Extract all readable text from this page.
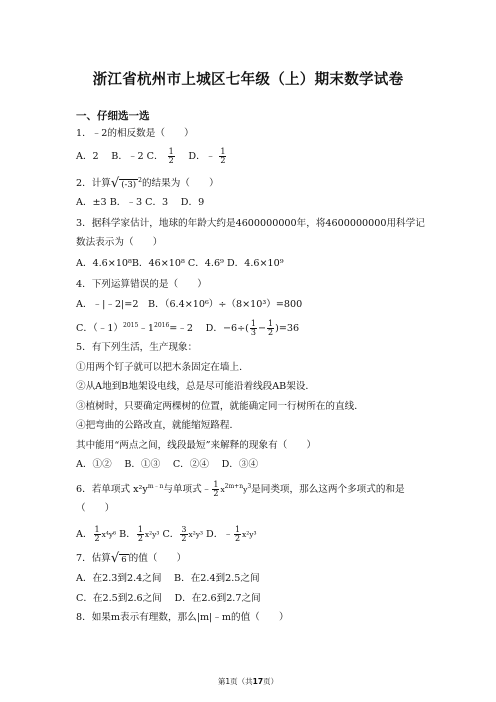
浙江省杭州市上城区七年级（上）期末数学试卷
一、仔细选一选
1．﹣2的相反数是（　　）
A．2　 B．﹣2 C． $\frac{1}{2}$ 　D．﹣ $\frac{1}{2}$
2．计算 √ (-3) $^2$的结果为（　　）
A．±3 B．﹣3 C．3　 D．9
3．据科学家估计，地球的年龄大约是4600000000年，将4600000000用科学记
数法表示为（　　）
A．4.6×10⁸B．46×10⁸ C．4.6⁹ D．4.6×10⁹
4．下列运算错误的是（　　）
A．﹣|﹣2|=2　B．（6.4×10⁶）÷（8×10³）=800
C．$(﹣1)^{2015}﹣1^{2016}=﹣2$　 D．$-6\div( \frac{1}{3} - \frac{1}{2} )=36$
5．有下列生活，生产现象：
①用两个钉子就可以把木条固定在墙上．
②从A地到B地架设电线，总是尽可能沿着线段AB架设．
③植树时，只要确定两棵树的位置，就能确定同一行树所在的直线．
④把弯曲的公路改直，就能缩短路程．
其中能用“两点之间，线段最短”来解释的现象有（　　）
A．①②　 B．①③　 C．②④　 D．③④
6．若单项式 $x^2y^{m﹣n}$与单项式﹣ $\frac{1}{2} x^{2m+n}y^3$是同类项，那么这两个多项式的和是
（　　）
A． $\frac{1}{2} x^4y^6$ B． $\frac{1}{2} x^2y^3$ C． $\frac{3}{2} x^2y^3$ D．﹣ $\frac{1}{2} x^2y^3$
7．估算 √ 6 的值（　　）
A．在2.3到2.4之间　 B．在2.4到2.5之间
C．在2.5到2.6之间　 D．在2.6到2.7之间
8．如果m表示有理数，那么|m|﹣m的值（　　）
第1页（共17页）
